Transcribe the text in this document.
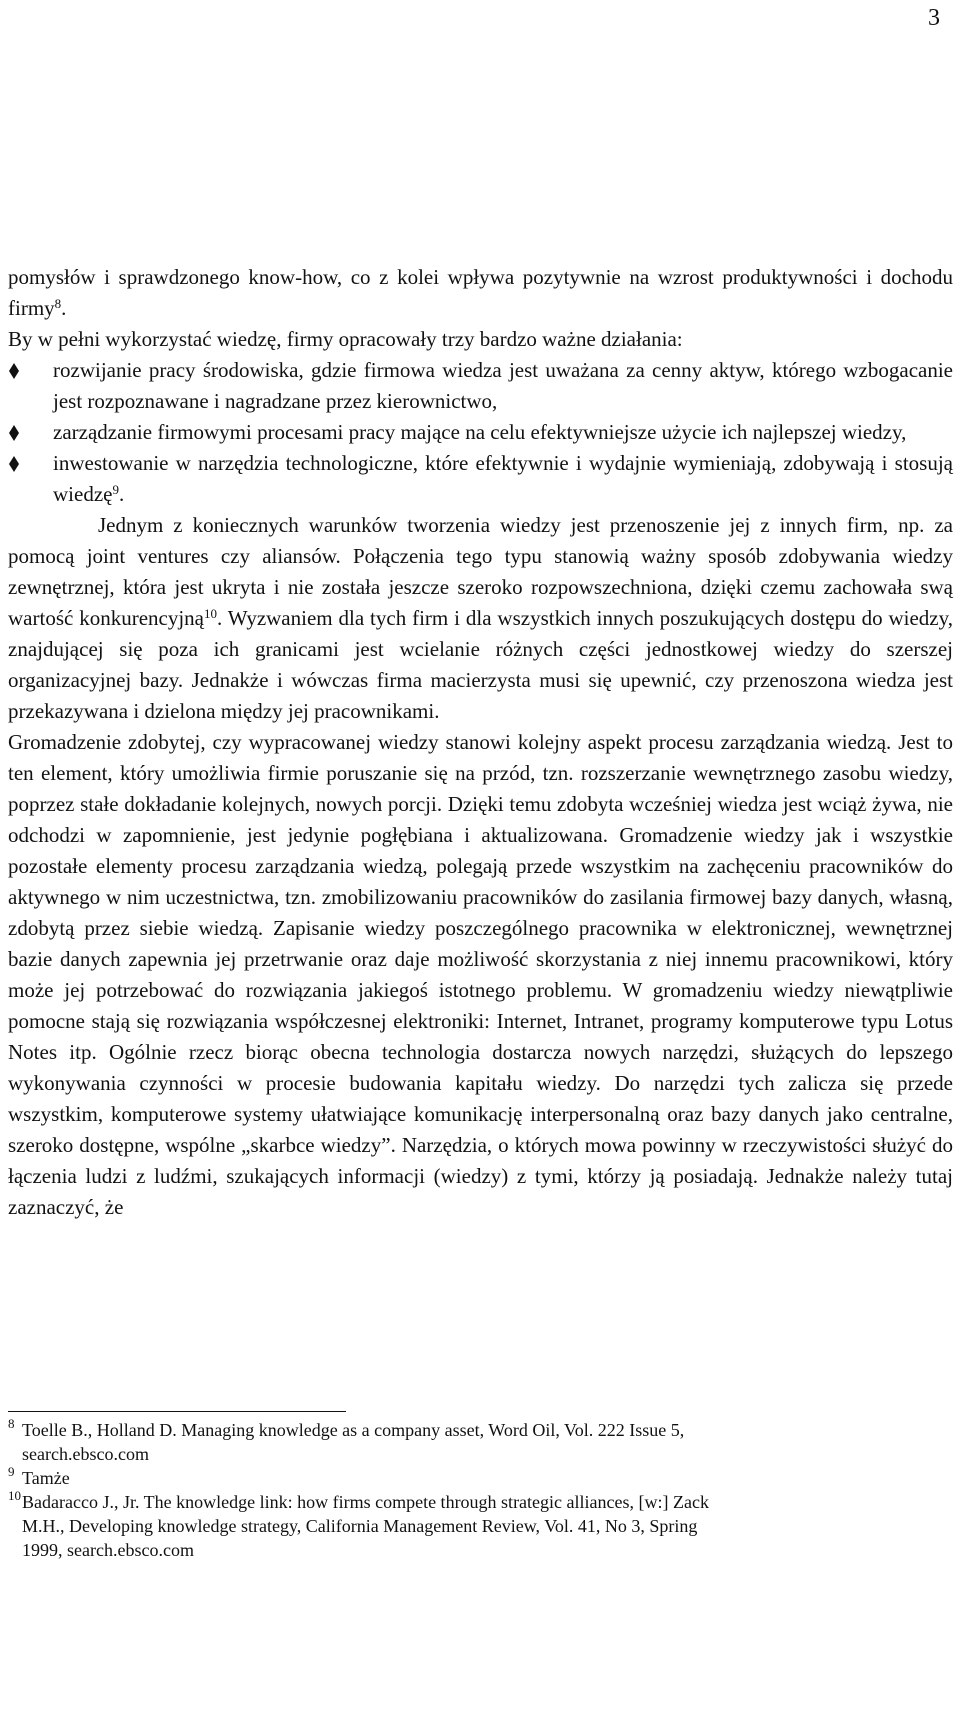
3

pomysłów i sprawdzonego know-how, co z kolei wpływa pozytywnie na wzrost produktywności i dochodu firmy$^8$.

By w pełni wykorzystać wiedzę, firmy opracowały trzy bardzo ważne działania:

rozwijanie pracy środowiska, gdzie firmowa wiedza jest uważana za cenny aktyw, którego wzbogacanie jest rozpoznawane i nagradzane przez kierownictwo,
zarządzanie firmowymi procesami pracy mające na celu efektywniejsze użycie ich najlepszej wiedzy,
inwestowanie w narzędzia technologiczne, które efektywnie i wydajnie wymieniają, zdobywają i stosują wiedzę$^9$.

Jednym z koniecznych warunków tworzenia wiedzy jest przenoszenie jej z innych firm, np. za pomocą joint ventures czy aliansów. Połączenia tego typu stanowią ważny sposób zdobywania wiedzy zewnętrznej, która jest ukryta i nie została jeszcze szeroko rozpowszechniona, dzięki czemu zachowała swą wartość konkurencyjną$^{10}$. Wyzwaniem dla tych firm i dla wszystkich innych poszukujących dostępu do wiedzy, znajdującej się poza ich granicami jest wcielanie różnych części jednostkowej wiedzy do szerszej organizacyjnej bazy. Jednakże i wówczas firma macierzysta musi się upewnić, czy przenoszona wiedza jest przekazywana i dzielona między jej pracownikami.

Gromadzenie zdobytej, czy wypracowanej wiedzy stanowi kolejny aspekt procesu zarządzania wiedzą. Jest to ten element, który umożliwia firmie poruszanie się na przód, tzn. rozszerzanie wewnętrznego zasobu wiedzy, poprzez stałe dokładanie kolejnych, nowych porcji. Dzięki temu zdobyta wcześniej wiedza jest wciąż żywa, nie odchodzi w zapomnienie, jest jedynie pogłębiana i aktualizowana. Gromadzenie wiedzy jak i wszystkie pozostałe elementy procesu zarządzania wiedzą, polegają przede wszystkim na zachęceniu pracowników do aktywnego w nim uczestnictwa, tzn. zmobilizowaniu pracowników do zasilania firmowej bazy danych, własną, zdobytą przez siebie wiedzą. Zapisanie wiedzy poszczególnego pracownika w elektronicznej, wewnętrznej bazie danych zapewnia jej przetrwanie oraz daje możliwość skorzystania z niej innemu pracownikowi, który może jej potrzebować do rozwiązania jakiegoś istotnego problemu. W gromadzeniu wiedzy niewątpliwie pomocne stają się rozwiązania współczesnej elektroniki: Internet, Intranet, programy komputerowe typu Lotus Notes itp. Ogólnie rzecz biorąc obecna technologia dostarcza nowych narzędzi, służących do lepszego wykonywania czynności w procesie budowania kapitału wiedzy. Do narzędzi tych zalicza się przede wszystkim, komputerowe systemy ułatwiające komunikację interpersonalną oraz bazy danych jako centralne, szeroko dostępne, wspólne „skarbce wiedzy”. Narzędzia, o których mowa powinny w rzeczywistości służyć do łączenia ludzi z ludźmi, szukających informacji (wiedzy) z tymi, którzy ją posiadają. Jednakże należy tutaj zaznaczyć, że

8 Toelle B., Holland D. Managing knowledge as a company asset, Word Oil, Vol. 222 Issue 5,
search.ebsco.com
9 Tamże
10 Badaracco J., Jr. The knowledge link: how firms compete through strategic alliances, [w:] Zack
M.H., Developing knowledge strategy, California Management Review, Vol. 41, No 3, Spring
1999, search.ebsco.com
